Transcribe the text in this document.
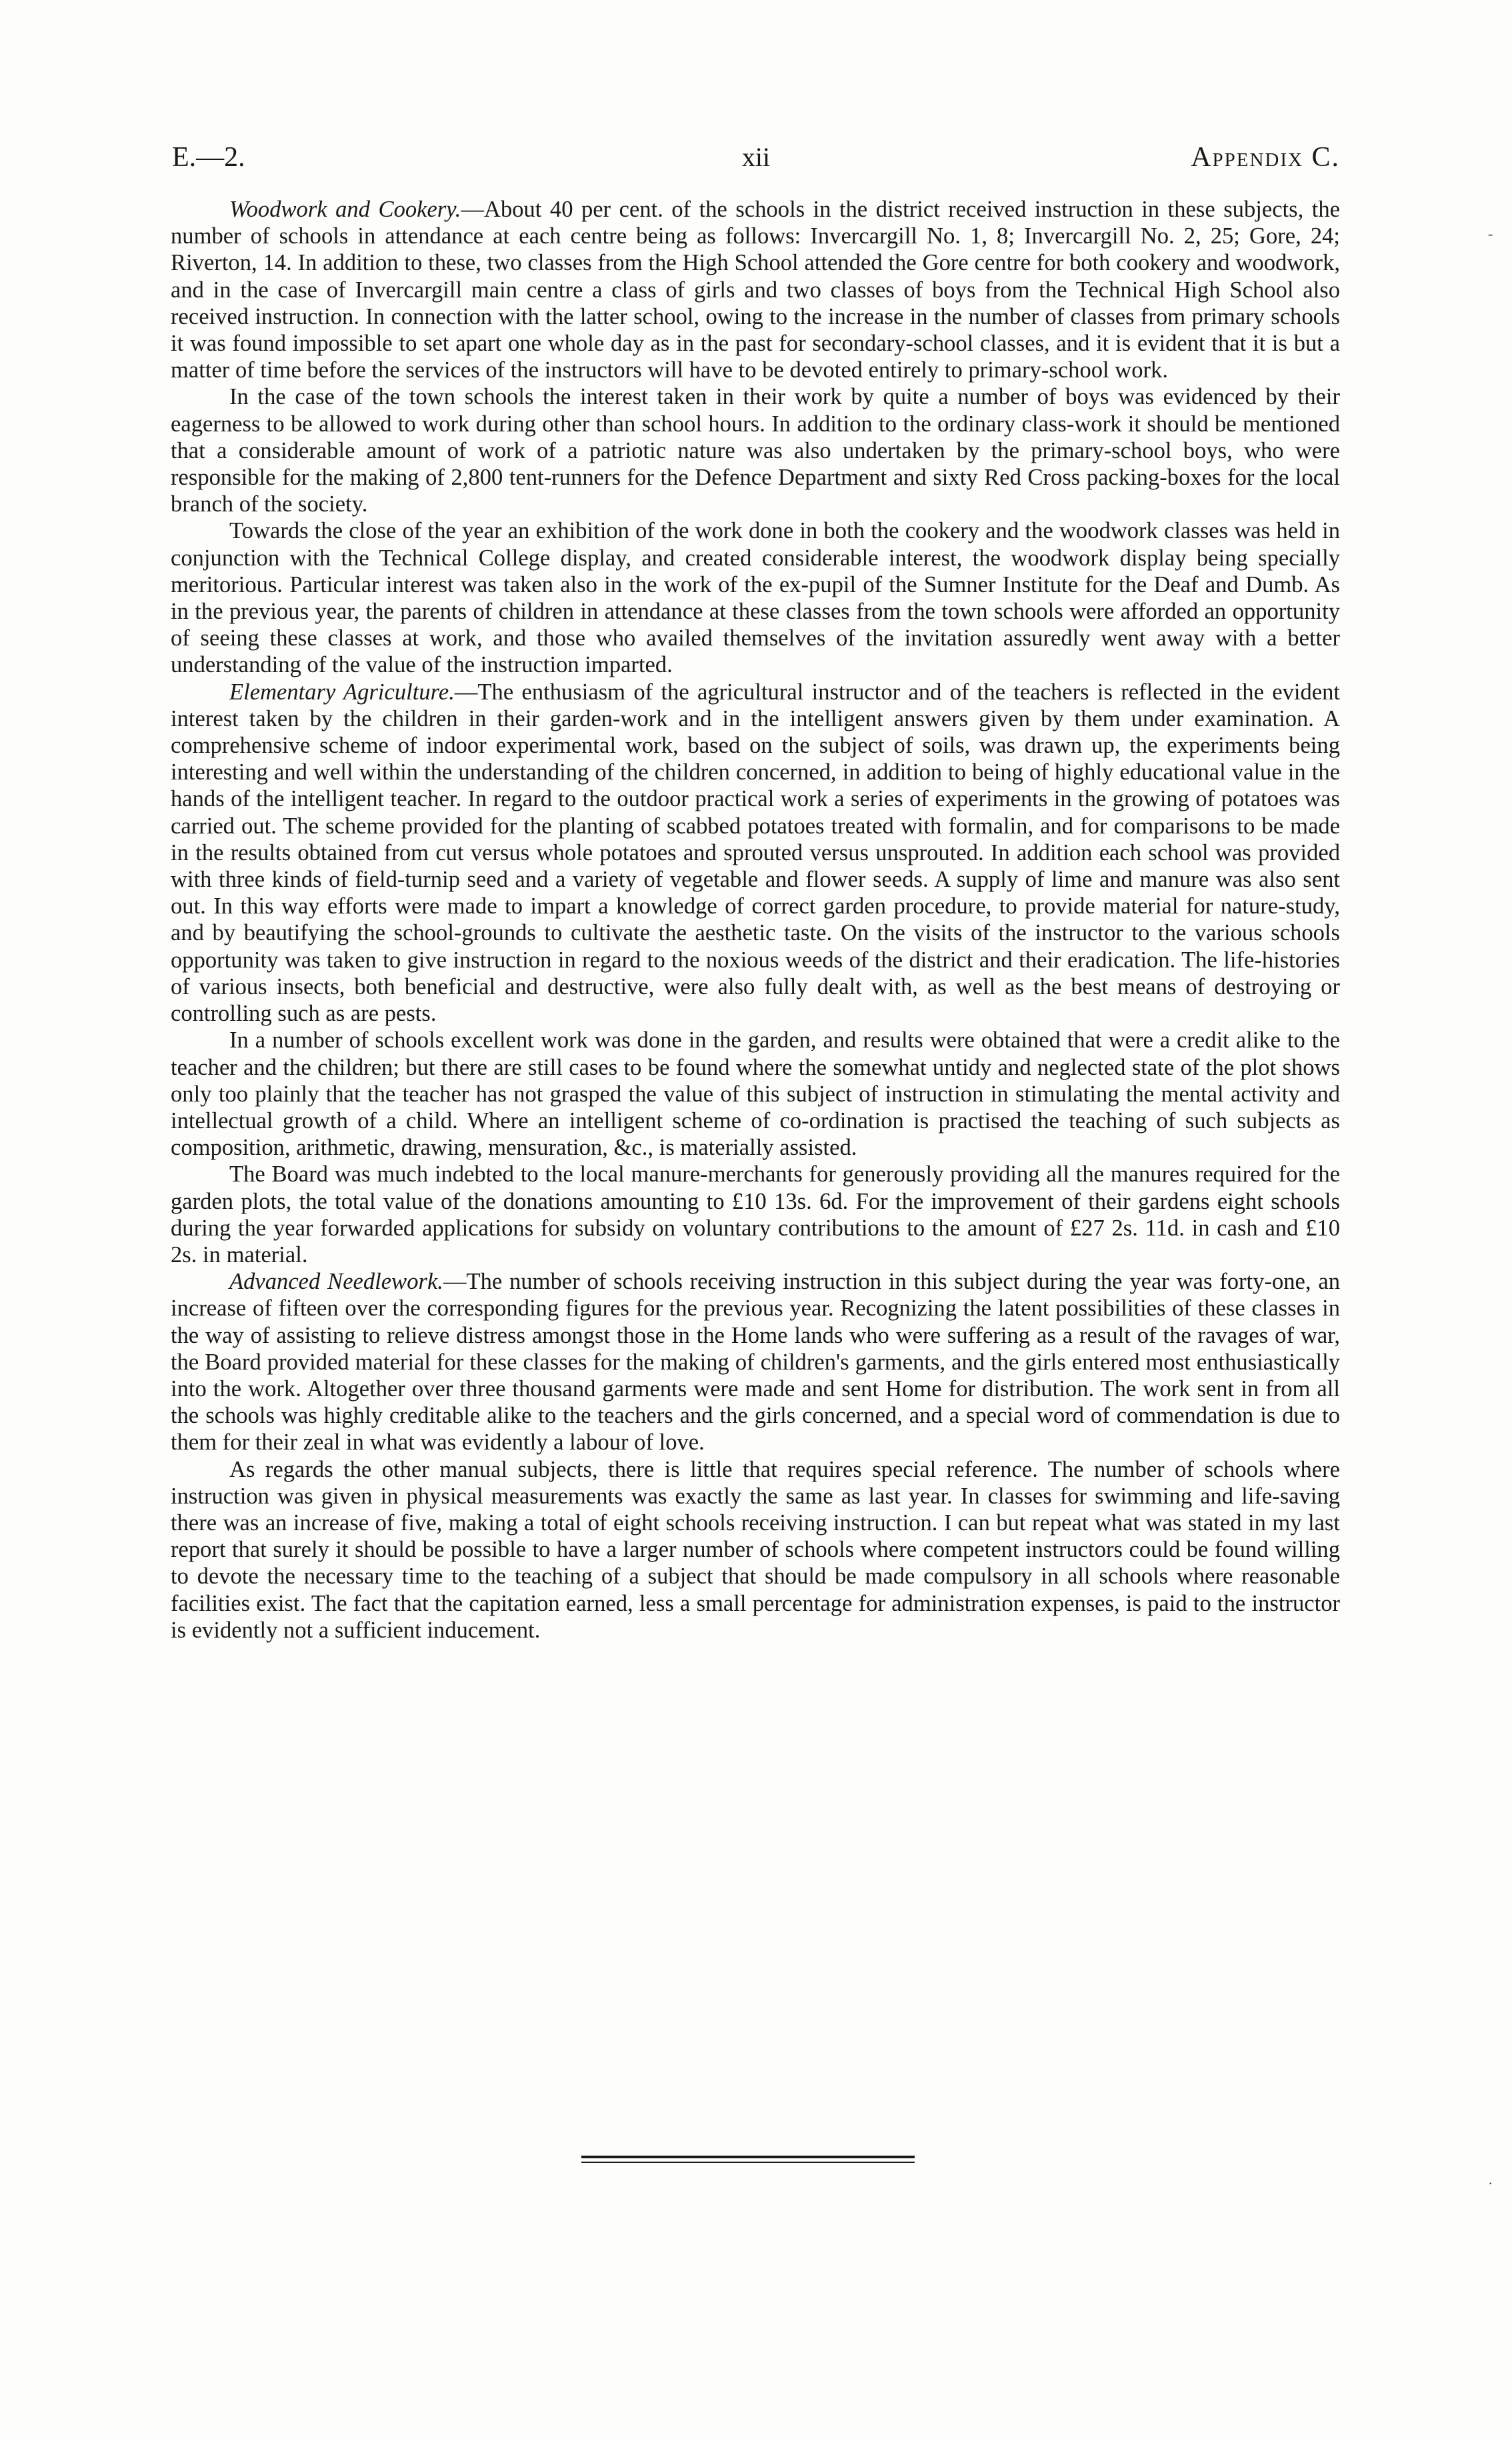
E.—2.	xii	Appendix C.

Woodwork and Cookery.—About 40 per cent. of the schools in the district received instruction in these subjects, the number of schools in attendance at each centre being as follows: Invercargill No. 1, 8; Invercargill No. 2, 25; Gore, 24; Riverton, 14. In addition to these, two classes from the High School attended the Gore centre for both cookery and woodwork, and in the case of Invercargill main centre a class of girls and two classes of boys from the Technical High School also received instruction. In connection with the latter school, owing to the increase in the number of classes from primary schools it was found impossible to set apart one whole day as in the past for secondary-school classes, and it is evident that it is but a matter of time before the services of the instructors will have to be devoted entirely to primary-school work.

In the case of the town schools the interest taken in their work by quite a number of boys was evidenced by their eagerness to be allowed to work during other than school hours. In addition to the ordinary class-work it should be mentioned that a considerable amount of work of a patriotic nature was also undertaken by the primary-school boys, who were responsible for the making of 2,800 tent-runners for the Defence Department and sixty Red Cross packing-boxes for the local branch of the society.

Towards the close of the year an exhibition of the work done in both the cookery and the woodwork classes was held in conjunction with the Technical College display, and created considerable interest, the woodwork display being specially meritorious. Particular interest was taken also in the work of the ex-pupil of the Sumner Institute for the Deaf and Dumb. As in the previous year, the parents of children in attendance at these classes from the town schools were afforded an opportunity of seeing these classes at work, and those who availed themselves of the invitation assuredly went away with a better understanding of the value of the instruction imparted.

Elementary Agriculture.—The enthusiasm of the agricultural instructor and of the teachers is reflected in the evident interest taken by the children in their garden-work and in the intelligent answers given by them under examination. A comprehensive scheme of indoor experimental work, based on the subject of soils, was drawn up, the experiments being interesting and well within the understanding of the children concerned, in addition to being of highly educational value in the hands of the intelligent teacher. In regard to the outdoor practical work a series of experiments in the growing of potatoes was carried out. The scheme provided for the planting of scabbed potatoes treated with formalin, and for comparisons to be made in the results obtained from cut versus whole potatoes and sprouted versus unsprouted. In addition each school was provided with three kinds of field-turnip seed and a variety of vegetable and flower seeds. A supply of lime and manure was also sent out. In this way efforts were made to impart a knowledge of correct garden procedure, to provide material for nature-study, and by beautifying the school-grounds to cultivate the aesthetic taste. On the visits of the instructor to the various schools opportunity was taken to give instruction in regard to the noxious weeds of the district and their eradication. The life-histories of various insects, both beneficial and destructive, were also fully dealt with, as well as the best means of destroying or controlling such as are pests.

In a number of schools excellent work was done in the garden, and results were obtained that were a credit alike to the teacher and the children; but there are still cases to be found where the somewhat untidy and neglected state of the plot shows only too plainly that the teacher has not grasped the value of this subject of instruction in stimulating the mental activity and intellectual growth of a child. Where an intelligent scheme of co-ordination is practised the teaching of such subjects as composition, arithmetic, drawing, mensuration, &c., is materially assisted.

The Board was much indebted to the local manure-merchants for generously providing all the manures required for the garden plots, the total value of the donations amounting to £10 13s. 6d. For the improvement of their gardens eight schools during the year forwarded applications for subsidy on voluntary contributions to the amount of £27 2s. 11d. in cash and £10 2s. in material.

Advanced Needlework.—The number of schools receiving instruction in this subject during the year was forty-one, an increase of fifteen over the corresponding figures for the previous year. Recognizing the latent possibilities of these classes in the way of assisting to relieve distress amongst those in the Home lands who were suffering as a result of the ravages of war, the Board provided material for these classes for the making of children's garments, and the girls entered most enthusiastically into the work. Altogether over three thousand garments were made and sent Home for distribution. The work sent in from all the schools was highly creditable alike to the teachers and the girls concerned, and a special word of commendation is due to them for their zeal in what was evidently a labour of love.

As regards the other manual subjects, there is little that requires special reference. The number of schools where instruction was given in physical measurements was exactly the same as last year. In classes for swimming and life-saving there was an increase of five, making a total of eight schools receiving instruction. I can but repeat what was stated in my last report that surely it should be possible to have a larger number of schools where competent instructors could be found willing to devote the necessary time to the teaching of a subject that should be made compulsory in all schools where reasonable facilities exist. The fact that the capitation earned, less a small percentage for administration expenses, is paid to the instructor is evidently not a sufficient inducement.

-
·
